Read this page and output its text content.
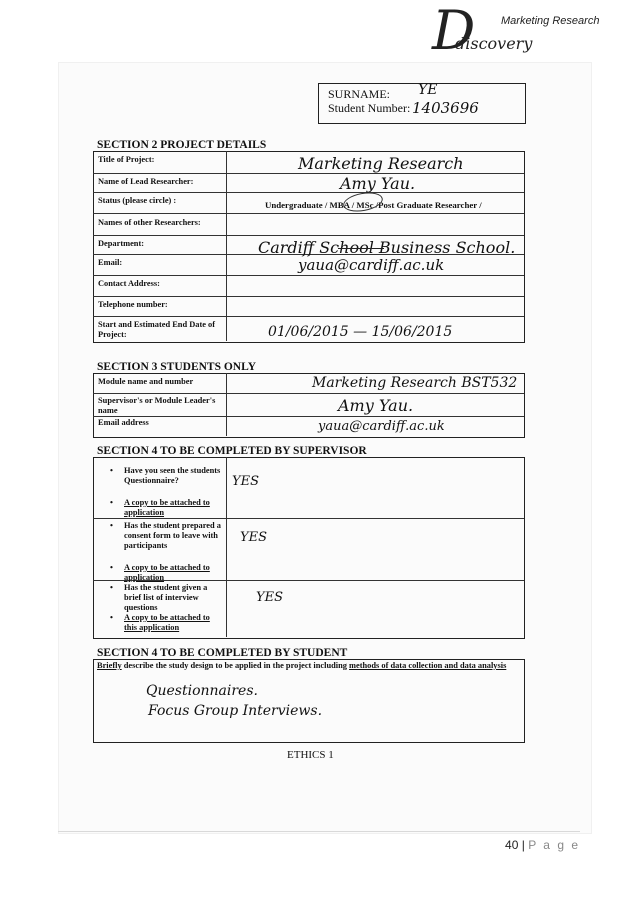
D
discovery
Marketing Research
SURNAME: YE
Student Number: 1403696
SECTION 2 PROJECT DETAILS
Title of Project:	Marketing Research
Name of Lead Researcher:	Amy Yau.
Status (please circle) :	Undergraduate / MBA / MSc /Post Graduate Researcher /
Names of other Researchers:
Department:	Cardiff School Business School.
Email:	yaua@cardiff.ac.uk
Contact Address:
Telephone number:
Start and Estimated End Date of Project:	01/06/2015 — 15/06/2015
SECTION 3 STUDENTS ONLY
Module name and number	Marketing Research BST532
Supervisor's or Module Leader's name	Amy Yau.
Email address	yaua@cardiff.ac.uk
SECTION 4 TO BE COMPLETED BY SUPERVISOR
• Have you seen the students Questionnaire?
• A copy to be attached to application
YES
• Has the student prepared a consent form to leave with participants
• A copy to be attached to application
YES
• Has the student given a brief list of interview questions
• A copy to be attached to this application
YES
SECTION 4 TO BE COMPLETED BY STUDENT
Briefly describe the study design to be applied in the project including methods of data collection and data analysis
Questionnaires.
Focus Group Interviews.
ETHICS 1
40 | P a g e
